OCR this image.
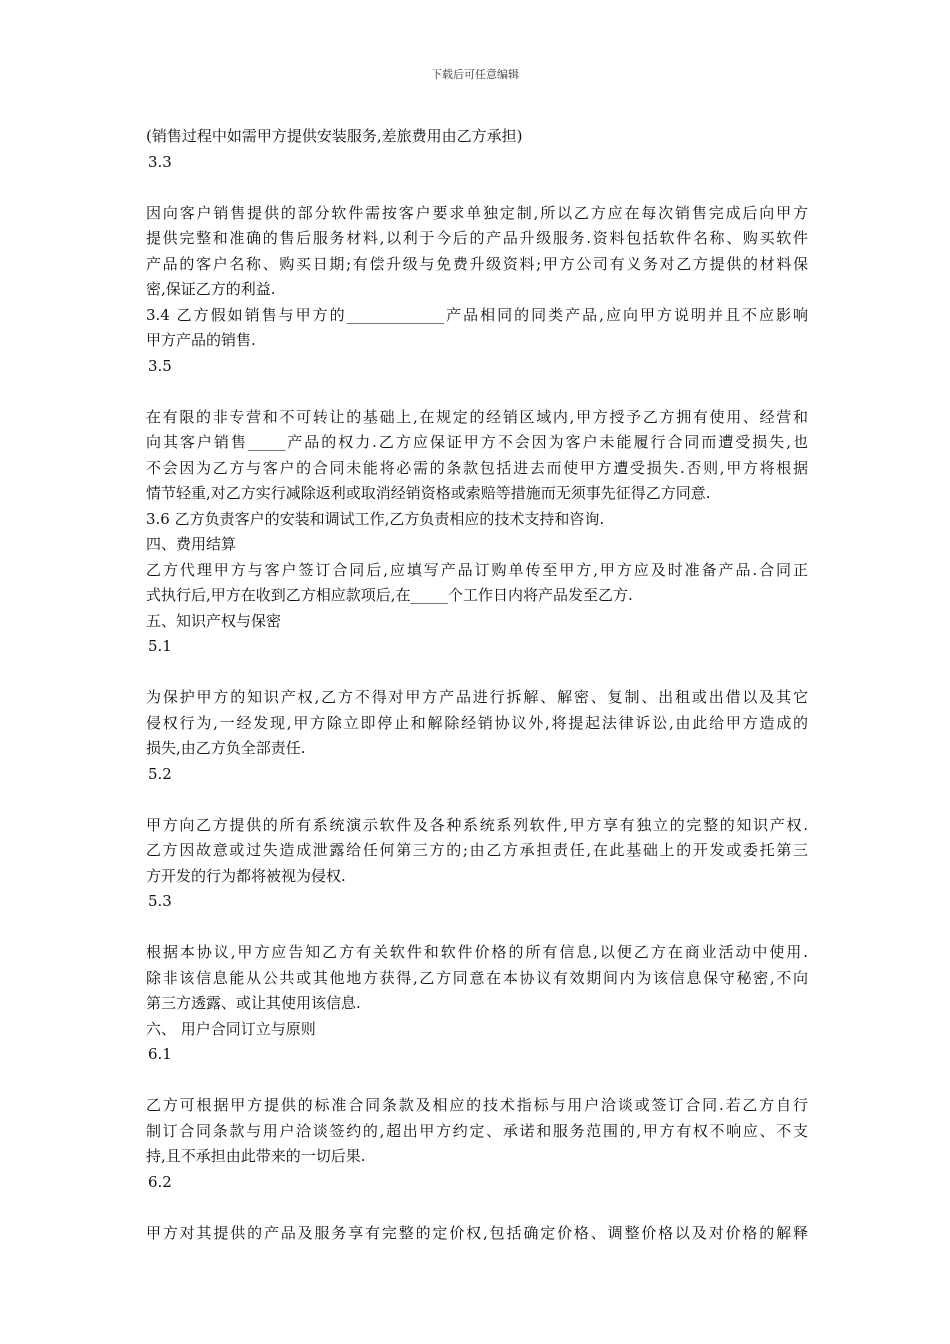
下载后可任意编辑
(销售过程中如需甲方提供安装服务,差旅费用由乙方承担)
3.3
因向客户销售提供的部分软件需按客户要求单独定制,所以乙方应在每次销售完成后向甲方
提供完整和准确的售后服务材料,以利于今后的产品升级服务.资料包括软件名称、购买软件
产品的客户名称、购买日期;有偿升级与免费升级资料;甲方公司有义务对乙方提供的材料保
密,保证乙方的利益.
3.4 乙方假如销售与甲方的_____________产品相同的同类产品,应向甲方说明并且不应影响
甲方产品的销售.
3.5
在有限的非专营和不可转让的基础上,在规定的经销区域内,甲方授予乙方拥有使用、经营和
向其客户销售_____产品的权力.乙方应保证甲方不会因为客户未能履行合同而遭受损失,也
不会因为乙方与客户的合同未能将必需的条款包括进去而使甲方遭受损失.否则,甲方将根据
情节轻重,对乙方实行减除返利或取消经销资格或索赔等措施而无须事先征得乙方同意.
3.6 乙方负责客户的安装和调试工作,乙方负责相应的技术支持和咨询.
四、费用结算
乙方代理甲方与客户签订合同后,应填写产品订购单传至甲方,甲方应及时准备产品.合同正
式执行后,甲方在收到乙方相应款项后,在_____个工作日内将产品发至乙方.
五、知识产权与保密
5.1
为保护甲方的知识产权,乙方不得对甲方产品进行拆解、解密、复制、出租或出借以及其它
侵权行为,一经发现,甲方除立即停止和解除经销协议外,将提起法律诉讼,由此给甲方造成的
损失,由乙方负全部责任.
5.2
甲方向乙方提供的所有系统演示软件及各种系统系列软件,甲方享有独立的完整的知识产权.
乙方因故意或过失造成泄露给任何第三方的;由乙方承担责任,在此基础上的开发或委托第三
方开发的行为都将被视为侵权.
5.3
根据本协议,甲方应告知乙方有关软件和软件价格的所有信息,以便乙方在商业活动中使用.
除非该信息能从公共或其他地方获得,乙方同意在本协议有效期间内为该信息保守秘密,不向
第三方透露、或让其使用该信息.
六、 用户合同订立与原则
6.1
乙方可根据甲方提供的标准合同条款及相应的技术指标与用户洽谈或签订合同.若乙方自行
制订合同条款与用户洽谈签约的,超出甲方约定、承诺和服务范围的,甲方有权不响应、不支
持,且不承担由此带来的一切后果.
6.2
甲方对其提供的产品及服务享有完整的定价权,包括确定价格、调整价格以及对价格的解释
